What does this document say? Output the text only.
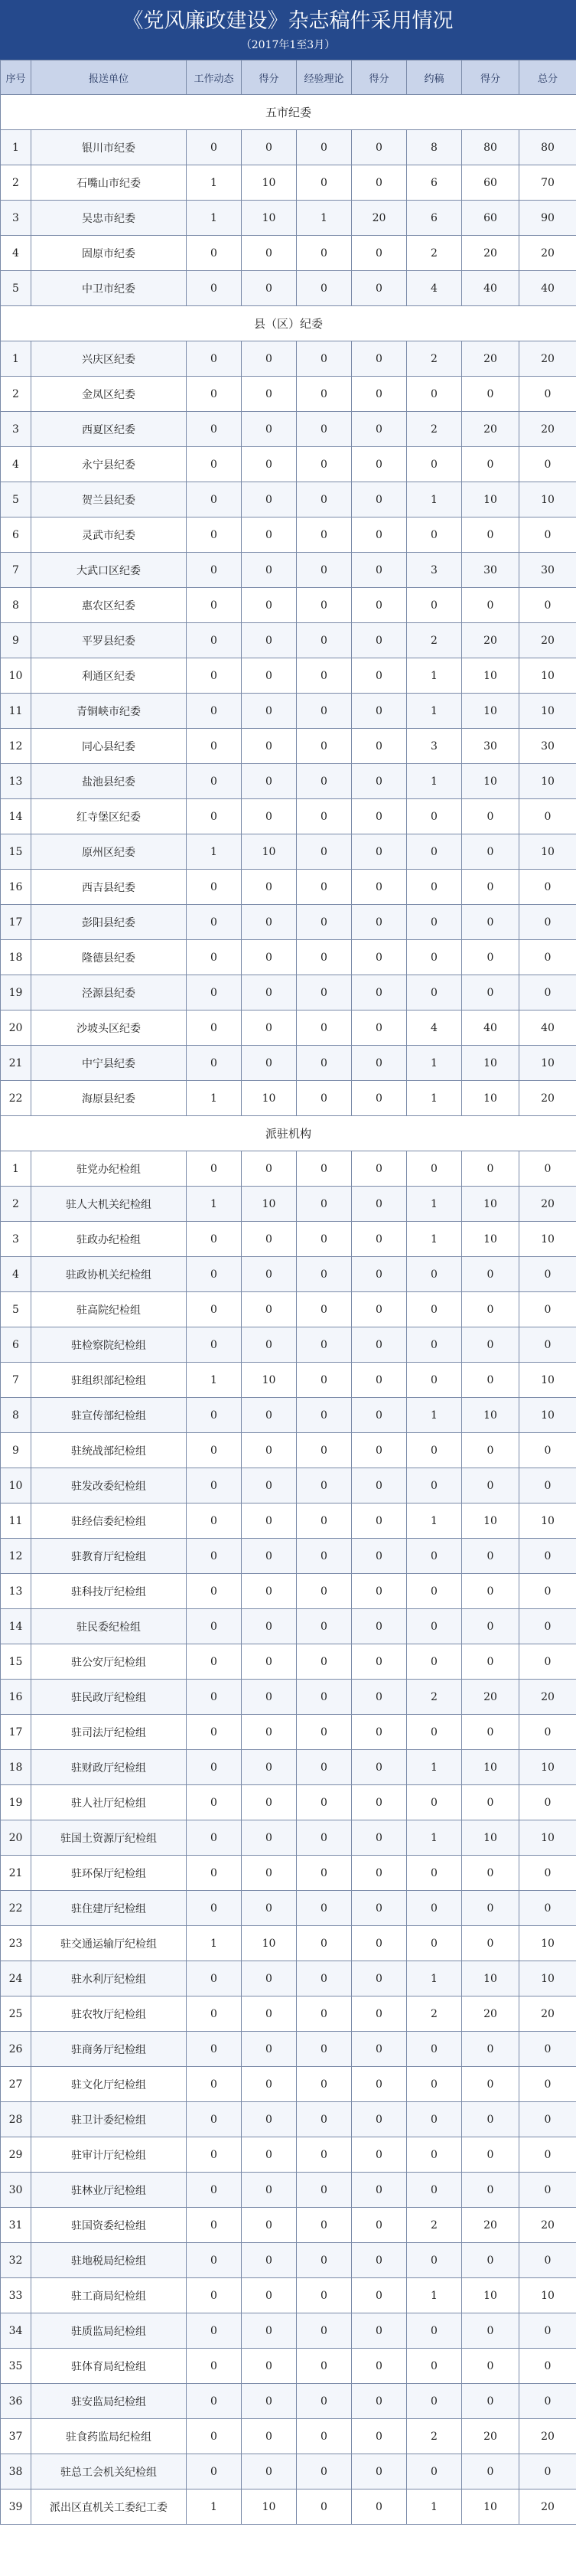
《党风廉政建设》杂志稿件采用情况
（2017年1至3月）
序号	报送单位	工作动态	得分	经验理论	得分	约稿	得分	总分
五市纪委								
1	银川市纪委	0	0	0	0	8	80	80
2	石嘴山市纪委	1	10	0	0	6	60	70
3	吴忠市纪委	1	10	1	20	6	60	90
4	固原市纪委	0	0	0	0	2	20	20
5	中卫市纪委	0	0	0	0	4	40	40
县（区）纪委								
1	兴庆区纪委	0	0	0	0	2	20	20
2	金凤区纪委	0	0	0	0	0	0	0
3	西夏区纪委	0	0	0	0	2	20	20
4	永宁县纪委	0	0	0	0	0	0	0
5	贺兰县纪委	0	0	0	0	1	10	10
6	灵武市纪委	0	0	0	0	0	0	0
7	大武口区纪委	0	0	0	0	3	30	30
8	惠农区纪委	0	0	0	0	0	0	0
9	平罗县纪委	0	0	0	0	2	20	20
10	利通区纪委	0	0	0	0	1	10	10
11	青铜峡市纪委	0	0	0	0	1	10	10
12	同心县纪委	0	0	0	0	3	30	30
13	盐池县纪委	0	0	0	0	1	10	10
14	红寺堡区纪委	0	0	0	0	0	0	0
15	原州区纪委	1	10	0	0	0	0	10
16	西吉县纪委	0	0	0	0	0	0	0
17	彭阳县纪委	0	0	0	0	0	0	0
18	隆德县纪委	0	0	0	0	0	0	0
19	泾源县纪委	0	0	0	0	0	0	0
20	沙坡头区纪委	0	0	0	0	4	40	40
21	中宁县纪委	0	0	0	0	1	10	10
22	海原县纪委	1	10	0	0	1	10	20
派驻机构								
1	驻党办纪检组	0	0	0	0	0	0	0
2	驻人大机关纪检组	1	10	0	0	1	10	20
3	驻政办纪检组	0	0	0	0	1	10	10
4	驻政协机关纪检组	0	0	0	0	0	0	0
5	驻高院纪检组	0	0	0	0	0	0	0
6	驻检察院纪检组	0	0	0	0	0	0	0
7	驻组织部纪检组	1	10	0	0	0	0	10
8	驻宣传部纪检组	0	0	0	0	1	10	10
9	驻统战部纪检组	0	0	0	0	0	0	0
10	驻发改委纪检组	0	0	0	0	0	0	0
11	驻经信委纪检组	0	0	0	0	1	10	10
12	驻教育厅纪检组	0	0	0	0	0	0	0
13	驻科技厅纪检组	0	0	0	0	0	0	0
14	驻民委纪检组	0	0	0	0	0	0	0
15	驻公安厅纪检组	0	0	0	0	0	0	0
16	驻民政厅纪检组	0	0	0	0	2	20	20
17	驻司法厅纪检组	0	0	0	0	0	0	0
18	驻财政厅纪检组	0	0	0	0	1	10	10
19	驻人社厅纪检组	0	0	0	0	0	0	0
20	驻国土资源厅纪检组	0	0	0	0	1	10	10
21	驻环保厅纪检组	0	0	0	0	0	0	0
22	驻住建厅纪检组	0	0	0	0	0	0	0
23	驻交通运输厅纪检组	1	10	0	0	0	0	10
24	驻水利厅纪检组	0	0	0	0	1	10	10
25	驻农牧厅纪检组	0	0	0	0	2	20	20
26	驻商务厅纪检组	0	0	0	0	0	0	0
27	驻文化厅纪检组	0	0	0	0	0	0	0
28	驻卫计委纪检组	0	0	0	0	0	0	0
29	驻审计厅纪检组	0	0	0	0	0	0	0
30	驻林业厅纪检组	0	0	0	0	0	0	0
31	驻国资委纪检组	0	0	0	0	2	20	20
32	驻地税局纪检组	0	0	0	0	0	0	0
33	驻工商局纪检组	0	0	0	0	1	10	10
34	驻质监局纪检组	0	0	0	0	0	0	0
35	驻体育局纪检组	0	0	0	0	0	0	0
36	驻安监局纪检组	0	0	0	0	0	0	0
37	驻食药监局纪检组	0	0	0	0	2	20	20
38	驻总工会机关纪检组	0	0	0	0	0	0	0
39	派出区直机关工委纪工委	1	10	0	0	1	10	20
